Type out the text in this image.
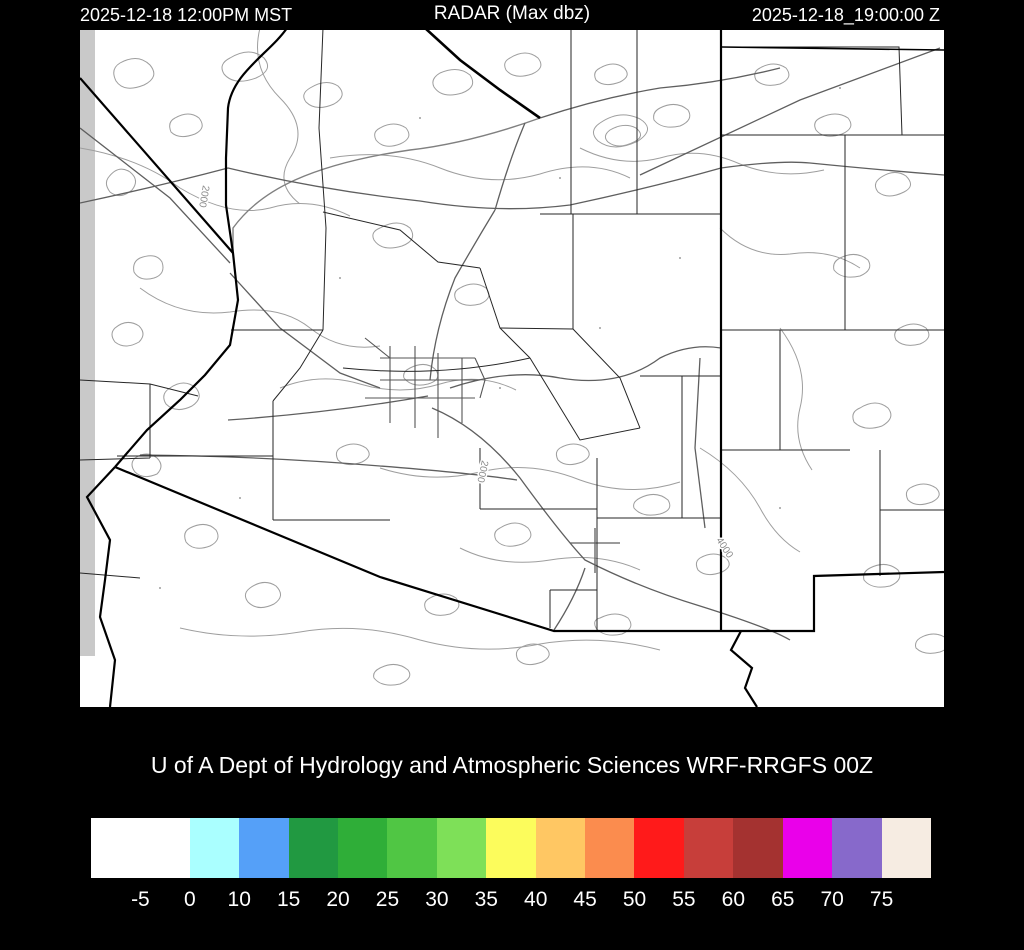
2025-12-18 12:00PM MST	RADAR (Max dbz)	2025-12-18_19:00:00 Z
2000
2000
4000
U of A Dept of Hydrology and Atmospheric Sciences WRF-RRGFS 00Z
-5 0 10 15 20 25 30 35 40 45 50 55 60 65 70 75
